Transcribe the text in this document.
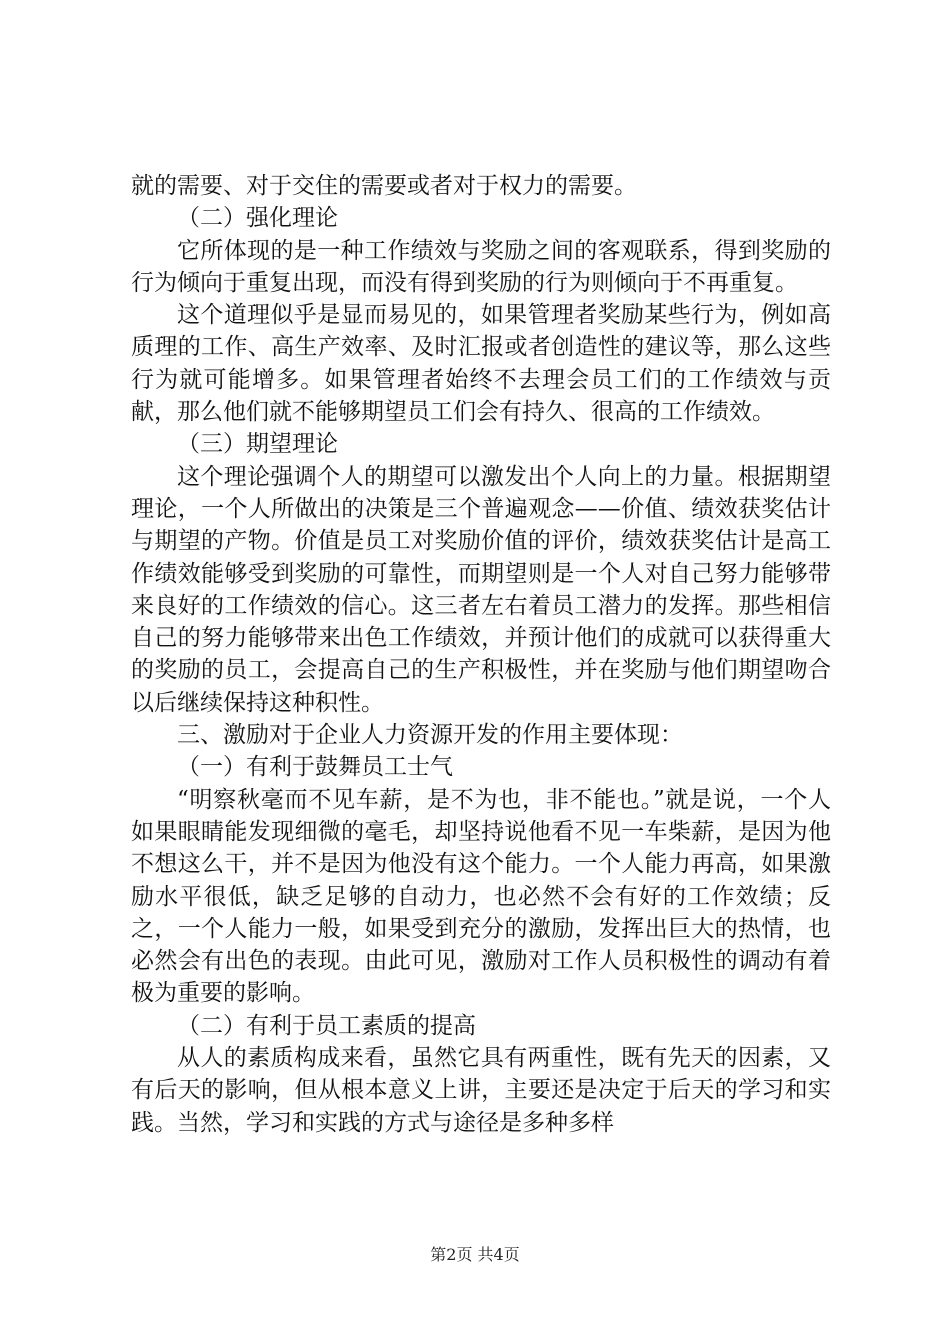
就的需要、对于交住的需要或者对于权力的需要。

（二）强化理论

它所体现的是一种工作绩效与奖励之间的客观联系，得到奖励的行为倾向于重复出现，而没有得到奖励的行为则倾向于不再重复。

这个道理似乎是显而易见的，如果管理者奖励某些行为，例如高质理的工作、高生产效率、及时汇报或者创造性的建议等，那么这些行为就可能增多。如果管理者始终不去理会员工们的工作绩效与贡献，那么他们就不能够期望员工们会有持久、很高的工作绩效。

（三）期望理论

这个理论强调个人的期望可以激发出个人向上的力量。根据期望理论，一个人所做出的决策是三个普遍观念——价值、绩效获奖估计与期望的产物。价值是员工对奖励价值的评价，绩效获奖估计是高工作绩效能够受到奖励的可靠性，而期望则是一个人对自己努力能够带来良好的工作绩效的信心。这三者左右着员工潜力的发挥。那些相信自己的努力能够带来出色工作绩效，并预计他们的成就可以获得重大的奖励的员工，会提高自己的生产积极性，并在奖励与他们期望吻合以后继续保持这种积性。

三、激励对于企业人力资源开发的作用主要体现：

（一）有利于鼓舞员工士气

“明察秋毫而不见车薪，是不为也，非不能也。”就是说，一个人如果眼睛能发现细微的毫毛，却坚持说他看不见一车柴薪，是因为他不想这么干，并不是因为他没有这个能力。一个人能力再高，如果激励水平很低，缺乏足够的自动力，也必然不会有好的工作效绩；反之，一个人能力一般，如果受到充分的激励，发挥出巨大的热情，也必然会有出色的表现。由此可见，激励对工作人员积极性的调动有着极为重要的影响。

（二）有利于员工素质的提高

从人的素质构成来看，虽然它具有两重性，既有先天的因素，又有后天的影响，但从根本意义上讲，主要还是决定于后天的学习和实践。当然，学习和实践的方式与途径是多种多样

第2页 共4页
